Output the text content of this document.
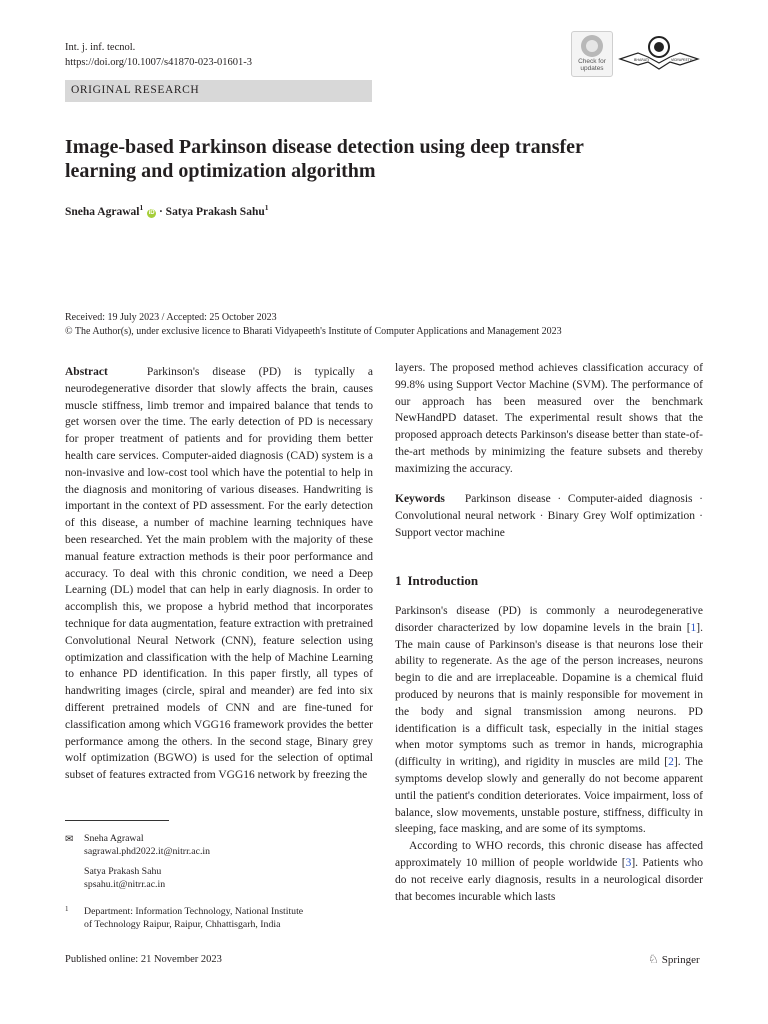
Int. j. inf. tecnol.
https://doi.org/10.1007/s41870-023-01601-3	Check for updates
BHARATI	VIDYAPEETH
ORIGINAL RESEARCH
Image-based Parkinson disease detection using deep transfer
learning and optimization algorithm
Sneha Agrawal$^1$ iD · Satya Prakash Sahu$^1$
Received: 19 July 2023 / Accepted: 25 October 2023
© The Author(s), under exclusive licence to Bharati Vidyapeeth's Institute of Computer Applications and Management 2023
Abstract	Parkinson's disease (PD) is typically a neurodegenerative disorder that slowly affects the brain, causes muscle stiffness, limb tremor and impaired balance that tends to get worsen over the time. The early detection of PD is necessary for proper treatment of patients and for providing them better health care services. Computer-aided diagnosis (CAD) system is a non-invasive and low-cost tool which have the potential to help in the diagnosis and monitoring of various diseases. Handwriting is important in the context of PD assessment. For the early detection of this disease, a number of machine learning techniques have been researched. Yet the main problem with the majority of these manual feature extraction methods is their poor performance and accuracy. To deal with this chronic condition, we need a Deep Learning (DL) model that can help in early diagnosis. In order to accomplish this, we propose a hybrid method that incorporates technique for data augmentation, feature extraction with pretrained Convolutional Neural Network (CNN), feature selection using optimization and classification with the help of Machine Learning to enhance PD identification. In this paper firstly, all types of handwriting images (circle, spiral and meander) are fed into six different pretrained models of CNN and are fine-tuned for classification among which VGG16 framework provides the better performance among the others. In the second stage, Binary grey wolf optimization (BGWO) is used for the selection of optimal subset of features extracted from VGG16 network by freezing the
layers. The proposed method achieves classification accuracy of 99.8% using Support Vector Machine (SVM). The performance of our approach has been measured over the benchmark NewHandPD dataset. The experimental result shows that the proposed approach detects Parkinson's disease better than state-of-the-art methods by minimizing the feature subsets and thereby maximizing the accuracy.
Keywords Parkinson disease · Computer-aided diagnosis · Convolutional neural network · Binary Grey Wolf optimization · Support vector machine
1 Introduction
Parkinson's disease (PD) is commonly a neurodegenerative disorder characterized by low dopamine levels in the brain [1]. The main cause of Parkinson's disease is that neurons lose their ability to regenerate. As the age of the person increases, neurons begin to die and are irreplaceable. Dopamine is a chemical fluid produced by neurons that is mainly responsible for movement in the body and signal transmission among neurons. PD identification is a difficult task, especially in the initial stages when motor symptoms such as tremor in hands, micrographia (difficulty in writing), and rigidity in muscles are mild [2]. The symptoms develop slowly and generally do not become apparent until the patient's condition deteriorates. Voice impairment, loss of balance, slow movements, unstable posture, stiffness, difficulty in sleeping, face masking, and are some of its symptoms.
According to WHO records, this chronic disease has affected approximately 10 million of people worldwide [3]. Patients who do not receive early diagnosis, results in a neurological disorder that becomes incurable which lasts
✉ Sneha Agrawal
sagrawal.phd2022.it@nitrr.ac.in
Satya Prakash Sahu
spsahu.it@nitrr.ac.in
1 Department: Information Technology, National Institute
of Technology Raipur, Raipur, Chhattisgarh, India
Published online: 21 November 2023	♘ Springer
